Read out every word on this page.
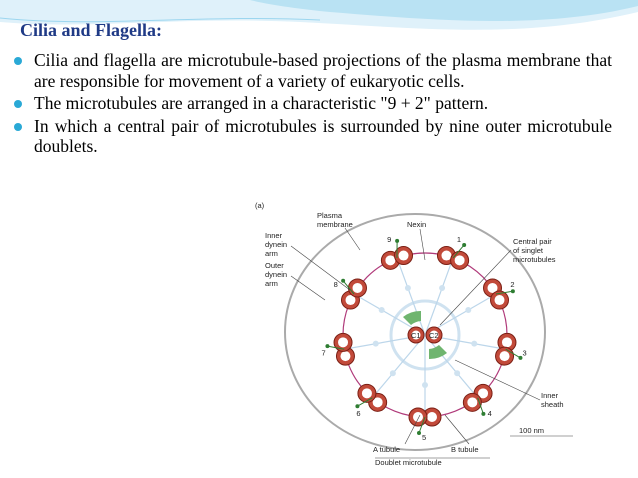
Cilia and Flagella:
Cilia and flagella are microtubule-based projections of the plasma membrane that are responsible for movement of a variety of eukaryotic cells.
The microtubules are arranged in a characteristic "9 + 2" pattern.
In which a central pair of microtubules is surrounded by nine outer microtubule doublets.
1
2
3
4
5
6
7
8
9
C1 C2
(a)
Plasma
membrane	Nexin
Inner
dynein
arm
Outer
dynein
arm
Central pair
of singlet
microtubules
Inner
sheath
100 nm
A tubule	B tubule
Doublet microtubule
